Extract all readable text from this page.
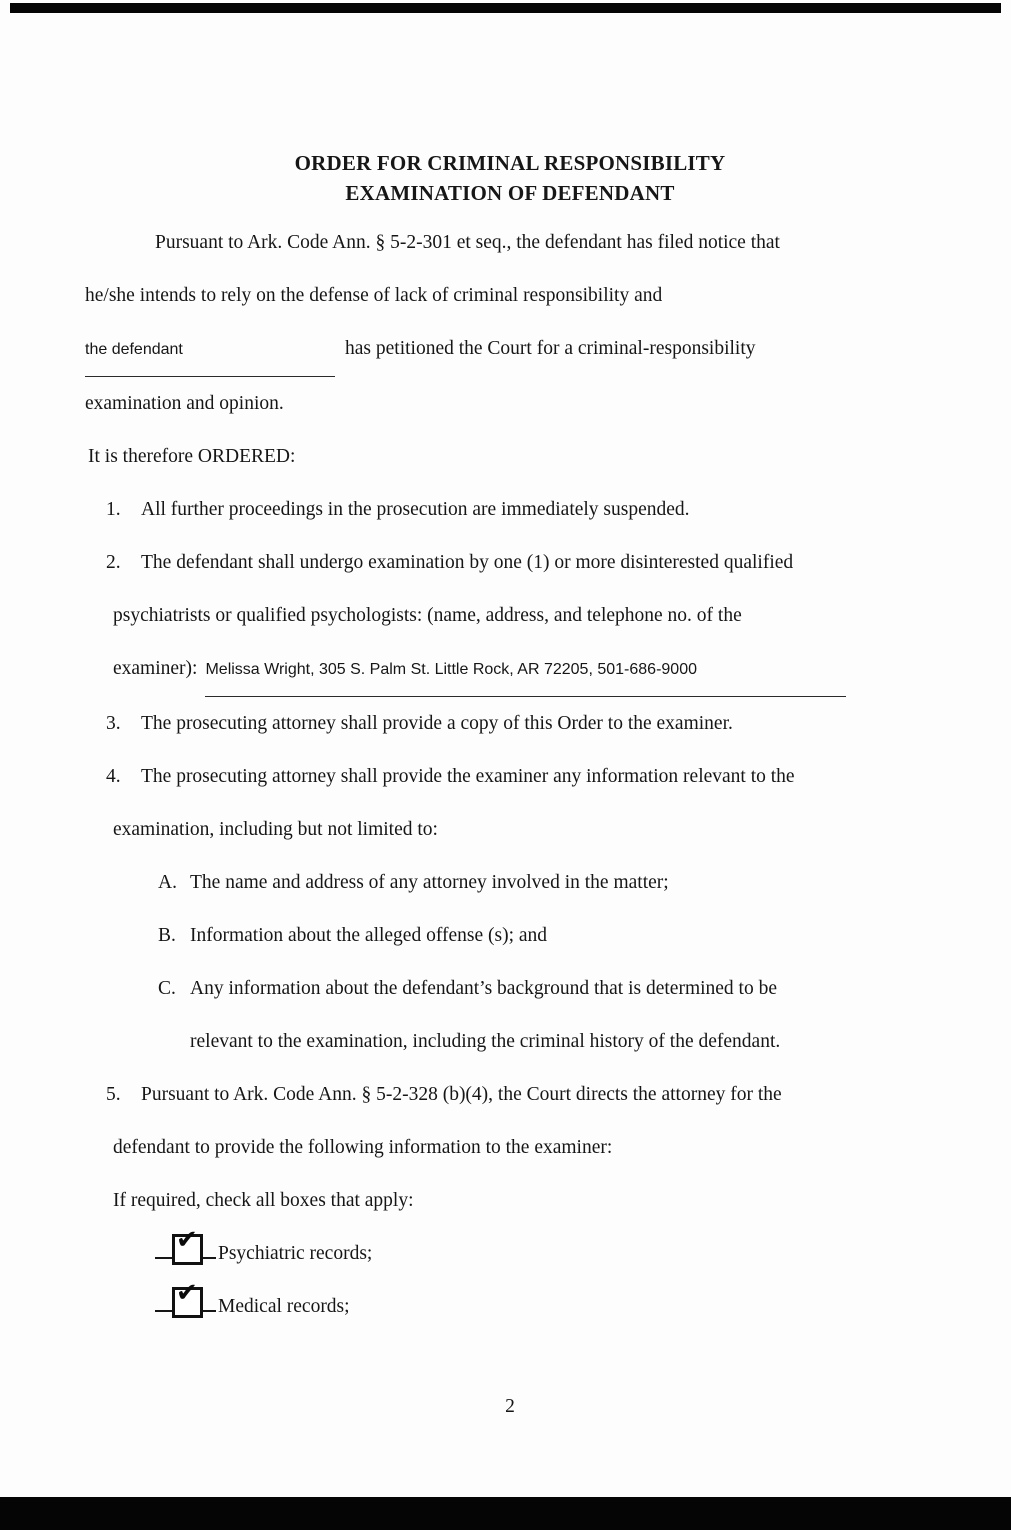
ORDER FOR CRIMINAL RESPONSIBILITY
EXAMINATION OF DEFENDANT
Pursuant to Ark. Code Ann. § 5-2-301 et seq., the defendant has filed notice that
he/she intends to rely on the defense of lack of criminal responsibility and
the defendant	has petitioned the Court for a criminal-responsibility
examination and opinion.
It is therefore ORDERED:
1. All further proceedings in the prosecution are immediately suspended.
2. The defendant shall undergo examination by one (1) or more disinterested qualified
psychiatrists or qualified psychologists: (name, address, and telephone no. of the
examiner): Melissa Wright, 305 S. Palm St. Little Rock, AR 72205, 501-686-9000
3. The prosecuting attorney shall provide a copy of this Order to the examiner.
4. The prosecuting attorney shall provide the examiner any information relevant to the
examination, including but not limited to:
A. The name and address of any attorney involved in the matter;
B. Information about the alleged offense (s); and
C. Any information about the defendant’s background that is determined to be
relevant to the examination, including the criminal history of the defendant.
5. Pursuant to Ark. Code Ann. § 5-2-328 (b)(4), the Court directs the attorney for the
defendant to provide the following information to the examiner:
If required, check all boxes that apply:
✔ Psychiatric records;
✔ Medical records;
2
